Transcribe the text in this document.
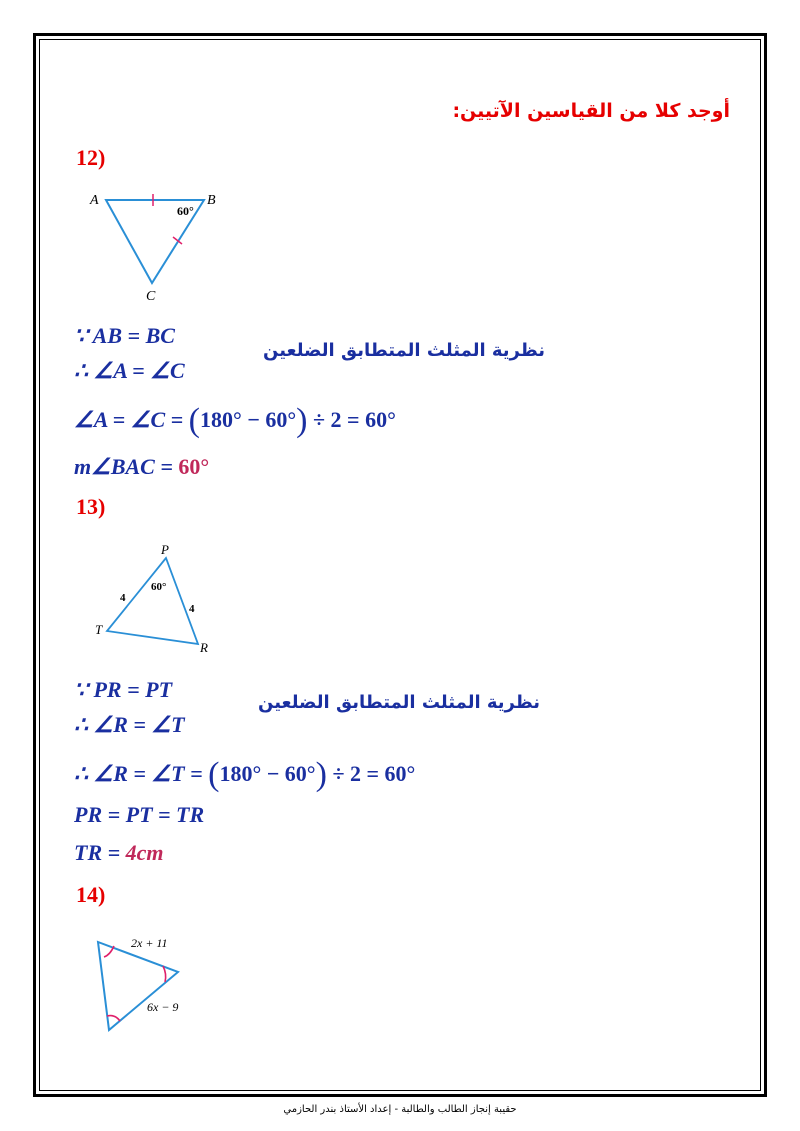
أوجد كلا من القياسين الآتيين:
12)
A	B
C
60°
∵ AB = BC
∴ ∠A = ∠C
نظرية المثلث المتطابق الضلعين
∠A = ∠C = (180° − 60°) ÷ 2 = 60°
m∠BAC = 60°
13)
P
T
R
60°
4
4
∵ PR = PT
∴ ∠R = ∠T
نظرية المثلث المتطابق الضلعين
∴ ∠R = ∠T = (180° − 60°) ÷ 2 = 60°
PR = PT = TR
TR = 4cm
14)
2x + 11
6x − 9
حقيبة إنجاز الطالب والطالبة - إعداد الأستاذ بندر الحازمي
